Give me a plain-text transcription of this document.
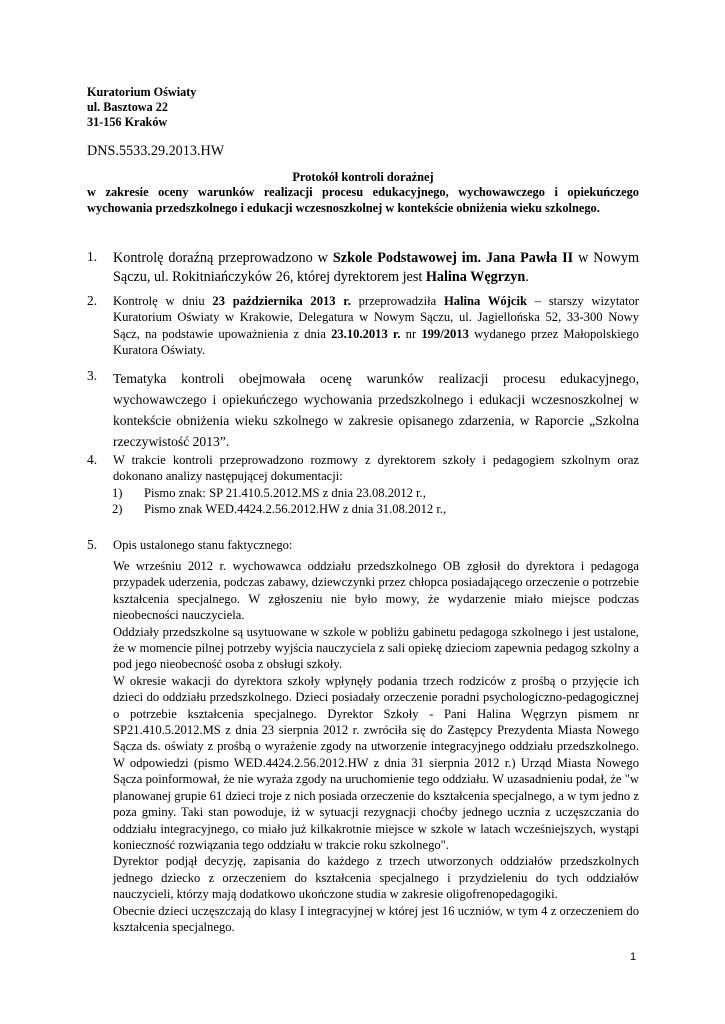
Kuratorium Oświaty
ul. Basztowa 22
31-156 Kraków
DNS.5533.29.2013.HW
Protokół kontroli doraźnej
w zakresie oceny warunków realizacji procesu edukacyjnego, wychowawczego i opiekuńczego wychowania przedszkolnego i edukacji wczesnoszkolnej w kontekście obniżenia wieku szkolnego.
1. Kontrolę doraźną przeprowadzono w Szkole Podstawowej im. Jana Pawła II w Nowym Sączu, ul. Rokitniańczyków 26, której dyrektorem jest Halina Węgrzyn.
2. Kontrolę w dniu 23 października 2013 r. przeprowadziła Halina Wójcik – starszy wizytator Kuratorium Oświaty w Krakowie, Delegatura w Nowym Sączu, ul. Jagiellońska 52, 33-300 Nowy Sącz, na podstawie upoważnienia z dnia 23.10.2013 r. nr 199/2013 wydanego przez Małopolskiego Kuratora Oświaty.
3. Tematyka kontroli obejmowała ocenę warunków realizacji procesu edukacyjnego, wychowawczego i opiekuńczego wychowania przedszkolnego i edukacji wczesnoszkolnej w kontekście obniżenia wieku szkolnego w zakresie opisanego zdarzenia, w Raporcie „Szkolna rzeczywistość 2013”.
4. W trakcie kontroli przeprowadzono rozmowy z dyrektorem szkoły i pedagogiem szkolnym oraz dokonano analizy następującej dokumentacji:
1) Pismo znak: SP 21.410.5.2012.MS z dnia 23.08.2012 r.,
2) Pismo znak WED.4424.2.56.2012.HW z dnia 31.08.2012 r.,
5. Opis ustalonego stanu faktycznego:

We wrześniu 2012 r. wychowawca oddziału przedszkolnego OB zgłosił do dyrektora i pedagoga przypadek uderzenia, podczas zabawy, dziewczynki przez chłopca posiadającego orzeczenie o potrzebie kształcenia specjalnego. W zgłoszeniu nie było mowy, że wydarzenie miało miejsce podczas nieobecności nauczyciela.

Oddziały przedszkolne są usytuowane w szkole w pobliżu gabinetu pedagoga szkolnego i jest ustalone, że w momencie pilnej potrzeby wyjścia nauczyciela z sali opiekę dzieciom zapewnia pedagog szkolny a pod jego nieobecność osoba z obsługi szkoły.

W okresie wakacji do dyrektora szkoły wpłynęły podania trzech rodziców z prośbą o przyjęcie ich dzieci do oddziału przedszkolnego. Dzieci posiadały orzeczenie poradni psychologiczno-pedagogicznej o potrzebie kształcenia specjalnego. Dyrektor Szkoły - Pani Halina Węgrzyn pismem nr SP21.410.5.2012.MS z dnia 23 sierpnia 2012 r. zwróciła się do Zastępcy Prezydenta Miasta Nowego Sącza ds. oświaty z prośbą o wyrażenie zgody na utworzenie integracyjnego oddziału przedszkolnego. W odpowiedzi (pismo WED.4424.2.56.2012.HW z dnia 31 sierpnia 2012 r.) Urząd Miasta Nowego Sącza poinformował, że nie wyraża zgody na uruchomienie tego oddziału. W uzasadnieniu podał, że "w planowanej grupie 61 dzieci troje z nich posiada orzeczenie do kształcenia specjalnego, a w tym jedno z poza gminy. Taki stan powoduje, iż w sytuacji rezygnacji choćby jednego ucznia z uczęszczania do oddziału integracyjnego, co miało już kilkakrotnie miejsce w szkole w latach wcześniejszych, wystąpi konieczność rozwiązania tego oddziału w trakcie roku szkolnego".

Dyrektor podjął decyzję, zapisania do każdego z trzech utworzonych oddziałów przedszkolnych jednego dziecko z orzeczeniem do kształcenia specjalnego i przydzieleniu do tych oddziałów nauczycieli, którzy mają dodatkowo ukończone studia w zakresie oligofrenopedagogiki.

Obecnie dzieci uczęszczają do klasy I integracyjnej w której jest 16 uczniów, w tym 4 z orzeczeniem do kształcenia specjalnego.

1
